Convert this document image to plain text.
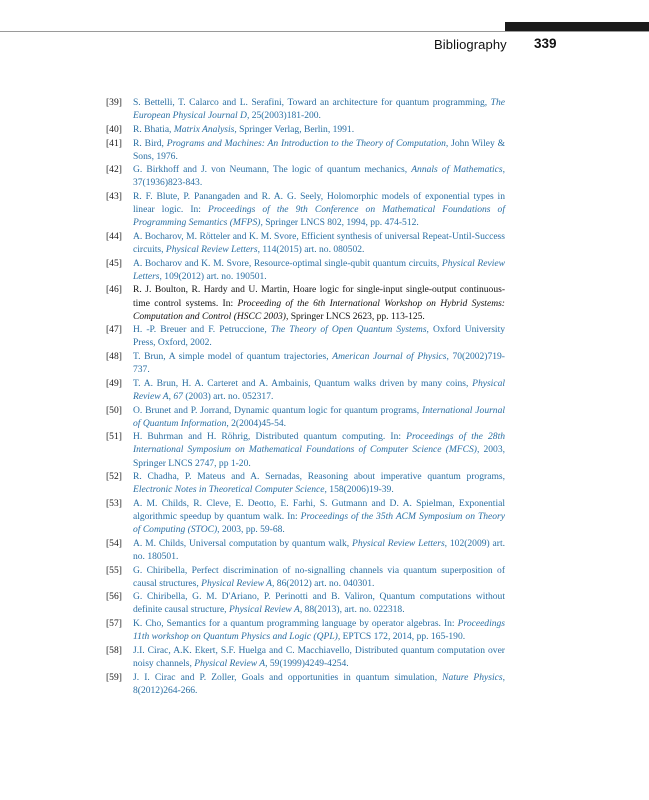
Bibliography 339
[39] S. Bettelli, T. Calarco and L. Serafini, Toward an architecture for quantum programming, The European Physical Journal D, 25(2003)181-200.
[40] R. Bhatia, Matrix Analysis, Springer Verlag, Berlin, 1991.
[41] R. Bird, Programs and Machines: An Introduction to the Theory of Computation, John Wiley & Sons, 1976.
[42] G. Birkhoff and J. von Neumann, The logic of quantum mechanics, Annals of Mathematics, 37(1936)823-843.
[43] R. F. Blute, P. Panangaden and R. A. G. Seely, Holomorphic models of exponential types in linear logic. In: Proceedings of the 9th Conference on Mathematical Foundations of Programming Semantics (MFPS), Springer LNCS 802, 1994, pp. 474-512.
[44] A. Bocharov, M. Rötteler and K. M. Svore, Efficient synthesis of universal Repeat-Until-Success circuits, Physical Review Letters, 114(2015) art. no. 080502.
[45] A. Bocharov and K. M. Svore, Resource-optimal single-qubit quantum circuits, Physical Review Letters, 109(2012) art. no. 190501.
[46] R. J. Boulton, R. Hardy and U. Martin, Hoare logic for single-input single-output continuous-time control systems. In: Proceeding of the 6th International Workshop on Hybrid Systems: Computation and Control (HSCC 2003), Springer LNCS 2623, pp. 113-125.
[47] H. -P. Breuer and F. Petruccione, The Theory of Open Quantum Systems, Oxford University Press, Oxford, 2002.
[48] T. Brun, A simple model of quantum trajectories, American Journal of Physics, 70(2002)719-737.
[49] T. A. Brun, H. A. Carteret and A. Ambainis, Quantum walks driven by many coins, Physical Review A, 67 (2003) art. no. 052317.
[50] O. Brunet and P. Jorrand, Dynamic quantum logic for quantum programs, International Journal of Quantum Information, 2(2004)45-54.
[51] H. Buhrman and H. Röhrig, Distributed quantum computing. In: Proceedings of the 28th International Symposium on Mathematical Foundations of Computer Science (MFCS), 2003, Springer LNCS 2747, pp 1-20.
[52] R. Chadha, P. Mateus and A. Sernadas, Reasoning about imperative quantum programs, Electronic Notes in Theoretical Computer Science, 158(2006)19-39.
[53] A. M. Childs, R. Cleve, E. Deotto, E. Farhi, S. Gutmann and D. A. Spielman, Exponential algorithmic speedup by quantum walk. In: Proceedings of the 35th ACM Symposium on Theory of Computing (STOC), 2003, pp. 59-68.
[54] A. M. Childs, Universal computation by quantum walk, Physical Review Letters, 102(2009) art. no. 180501.
[55] G. Chiribella, Perfect discrimination of no-signalling channels via quantum superposition of causal structures, Physical Review A, 86(2012) art. no. 040301.
[56] G. Chiribella, G. M. D'Ariano, P. Perinotti and B. Valiron, Quantum computations without definite causal structure, Physical Review A, 88(2013), art. no. 022318.
[57] K. Cho, Semantics for a quantum programming language by operator algebras. In: Proceedings 11th workshop on Quantum Physics and Logic (QPL), EPTCS 172, 2014, pp. 165-190.
[58] J.I. Cirac, A.K. Ekert, S.F. Huelga and C. Macchiavello, Distributed quantum computation over noisy channels, Physical Review A, 59(1999)4249-4254.
[59] J. I. Cirac and P. Zoller, Goals and opportunities in quantum simulation, Nature Physics, 8(2012)264-266.
